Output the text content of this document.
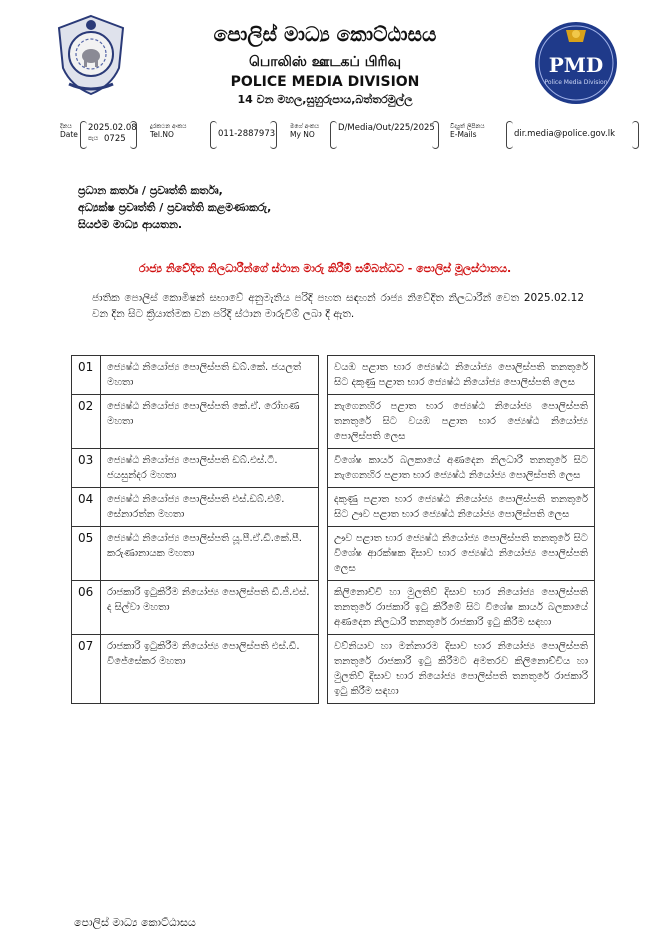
PMD
Police Media Division
පොලිස් මාධ්‍ය කොට්ඨාසය
பொலிஸ் ஊடகப் பிரிவு
POLICE MEDIA DIVISION
14 වන මහල,සුහුරුපාය,බත්තරමුල්ල
දිනය
Date
2025.02.08
පැය 0725
දුරකථන අංකය
Tel.NO	011-2887973
මගේ අංකය
My NO
D/Media/Out/225/2025	විද්‍යුත් ලිපිනය
E-Mails	dir.media@police.gov.lk
ප්‍රධාන කර්තෘ / ප්‍රවෘත්ති කර්තෘ,
අධ්‍යක්ෂ ප්‍රවෘත්ති / ප්‍රවෘත්ති කළමණාකරු,
සියළුම මාධ්‍ය ආයතන.
රාජ්‍ය නිවේදිත නිලධාරීන්ගේ ස්ථාන මාරු කිරීම් සම්බන්ධව - පොලිස් මූලස්ථානය.
ජාතික පොලිස් කොමිෂන් සභාවේ අනුමැතිය පරිදි පහත සඳහන් රාජ්‍ය නිවේදිත නිලධාරීන් වෙත 2025.02.12 වන දින සිට ක්‍රියාත්මක වන පරිදි ස්ථාන මාරුවීම් ලබා දී ඇත.
01	ජ්‍යෙෂ්ඨ නියෝජ්‍ය පොලිස්පති ඩබ්.කේ. ජයලත් මහතා		වයඹ පළාත භාර ජ්‍යෙෂ්ඨ නියෝජ්‍ය පොලිස්පති තනතුරේ සිට දකුණු පළාත භාර ජ්‍යෙෂ්ඨ නියෝජ්‍ය පොලිස්පති ලෙස
02	ජ්‍යෙෂ්ඨ නියෝජ්‍ය පොලිස්පති කේ.ඒ. රෝහණ මහතා		නැගෙනහිර පළාත භාර ජ්‍යෙෂ්ඨ නියෝජ්‍ය පොලිස්පති තනතුරේ සිට වයඹ පළාත භාර ජ්‍යෙෂ්ඨ නියෝජ්‍ය පොලිස්පති ලෙස
03	ජ්‍යෙෂ්ඨ නියෝජ්‍ය පොලිස්පති ඩබ්.එස්.ටී. ජයසුන්දර මහතා		විශේෂ කාර්ය බලකායේ අණදෙන නිලධාරී තනතුරේ සිට නැගෙනහිර පළාත භාර ජ්‍යෙෂ්ඨ නියෝජ්‍ය පොලිස්පති ලෙස
04	ජ්‍යෙෂ්ඨ නියෝජ්‍ය පොලිස්පති එස්.ඩබ්.එම්. සේනාරත්න මහතා		දකුණු පළාත භාර ජ්‍යෙෂ්ඨ නියෝජ්‍ය පොලිස්පති තනතුරේ සිට ඌව පළාත භාර ජ්‍යෙෂ්ඨ නියෝජ්‍ය පොලිස්පති ලෙස
05	ජ්‍යෙෂ්ඨ නියෝජ්‍ය පොලිස්පති යූ.පී.ඒ.ඩී.කේ.පී. කරුණානායක මහතා		ඌව පළාත භාර ජ්‍යෙෂ්ඨ නියෝජ්‍ය පොලිස්පති තනතුරේ සිට විශේෂ ආරක්ෂක දිසාව භාර ජ්‍යෙෂ්ඨ නියෝජ්‍ය පොලිස්පති ලෙස
06	රාජකාරි ඉටුකිරීම නියෝජ්‍ය පොලිස්පති ඩී.ජී.එස්. ද සිල්වා මහතා		කිලිනොච්චි හා මුලතිව් දිසාව භාර නියෝජ්‍ය පොලිස්පති තනතුරේ රාජකාරි ඉටු කිරීමේ සිට විශේෂ කාර්ය බලකායේ අණදෙන නිලධාරී තනතුරේ රාජකාරි ඉටු කිරීම සඳහා
07	රාජකාරි ඉටුකිරීම නියෝජ්‍ය පොලිස්පති එස්.ඩී. විජේසේකර මහතා		වව්නියාව හා මන්නාරම දිසාව භාර නියෝජ්‍ය පොලිස්පති තනතුරේ රාජකාරි ඉටු කිරීමට අමතරව කිලිනොච්චිය හා මුලතිව් දිසාව භාර නියෝජ්‍ය පොලිස්පති තනතුරේ රාජකාරි ඉටු කිරීම සඳහා
පොලිස් මාධ්‍ය කොට්ඨාසය
